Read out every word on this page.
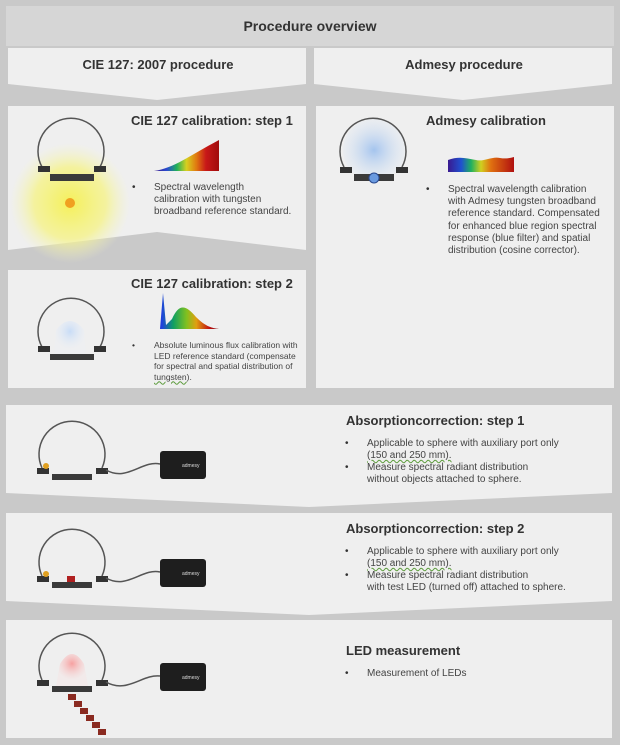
Procedure overview
CIE 127: 2007 procedure	Admesy procedure
CIE 127 calibration: step 1
• Spectral wavelength calibration with tungsten broadband reference standard.
CIE 127 calibration: step 2
• Absolute luminous flux calibration with LED reference standard (compensate for spectral and spatial distribution of tungsten).
Admesy calibration
• Spectral wavelength calibration with Admesy tungsten broadband reference standard. Compensated for enhanced blue region spectral response (blue filter) and spatial distribution (cosine corrector).
Absorptioncorrection: step 1
admesy
• Applicable to sphere with auxiliary port only
(150 and 250 mm).
• Measure spectral radiant distribution
without objects attached to sphere.
Absorptioncorrection: step 2
admesy
• Applicable to sphere with auxiliary port only
(150 and 250 mm).
• Measure spectral radiant distribution
with test LED (turned off) attached to sphere.
LED measurement
admesy
•	Measurement of LEDs
